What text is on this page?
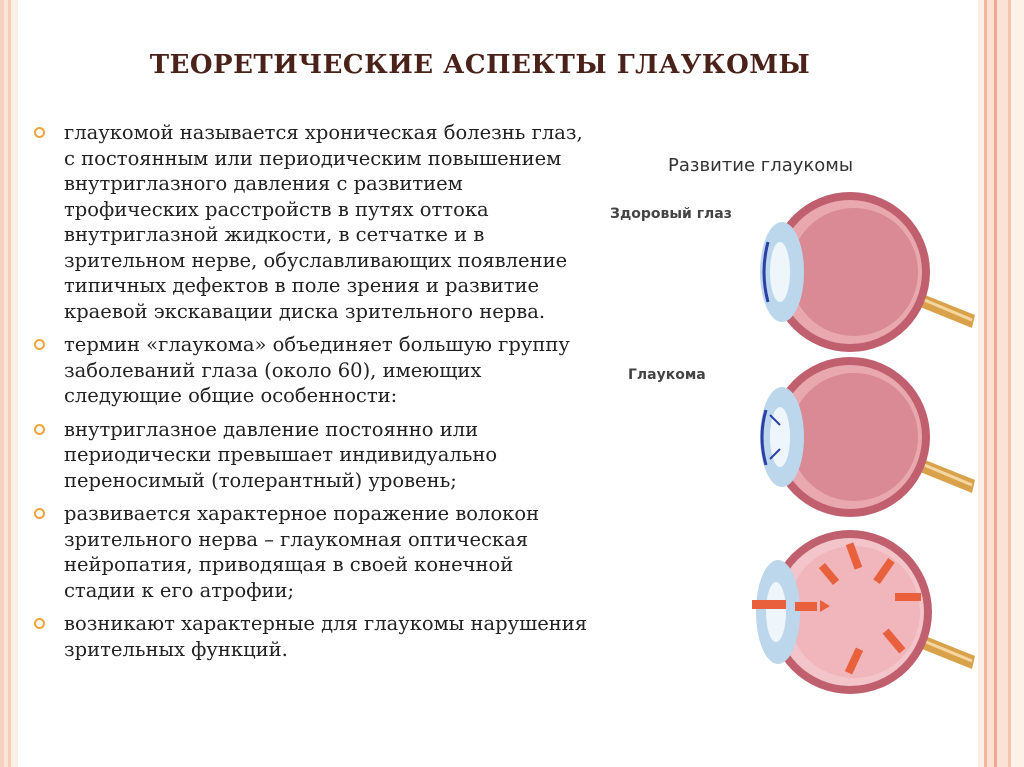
ТЕОРЕТИЧЕСКИЕ АСПЕКТЫ ГЛАУКОМЫ
глаукомой называется хроническая болезнь глаз, с постоянным или периодическим повышением внутриглазного давления с развитием трофических расстройств в путях оттока внутриглазной жидкости, в сетчатке и в зрительном нерве, обуславливающих появление типичных дефектов в поле зрения и развитие краевой экскавации диска зрительного нерва.
термин «глаукома» объединяет большую группу заболеваний глаза (около 60), имеющих следующие общие особенности:
внутриглазное давление постоянно или периодически превышает индивидуально переносимый (толерантный) уровень;
развивается характерное поражение волокон зрительного нерва – глаукомная оптическая нейропатия, приводящая в своей конечной стадии к его атрофии;
возникают характерные для глаукомы нарушения зрительных функций.
Развитие глаукомы
Здоровый глаз
Глаукома
